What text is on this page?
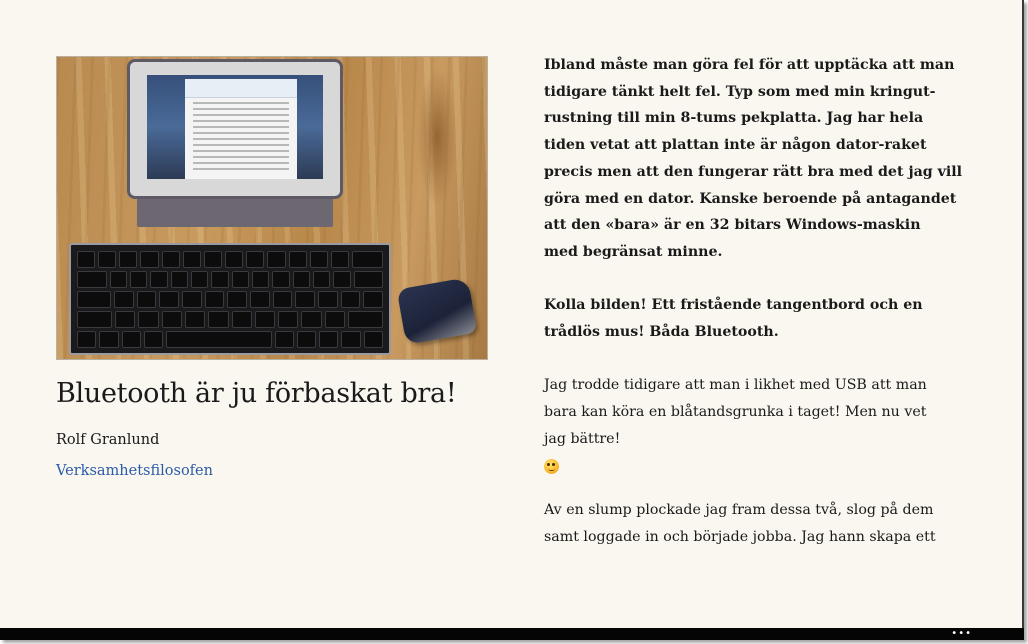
Bluetooth är ju förbaskat bra!
Rolf Granlund
Verksamhetsfilosofen

Ibland måste man göra fel för att upptäcka att man
tidigare tänkt helt fel. Typ som med min kringut-
rustning till min 8-tums pekplatta. Jag har hela
tiden vetat att plattan inte är någon dator-raket
precis men att den fungerar rätt bra med det jag vill
göra med en dator. Kanske beroende på antagandet
att den «bara» är en 32 bitars Windows-maskin
med begränsat minne.

Kolla bilden! Ett fristående tangentbord och en
trådlös mus! Båda Bluetooth.

Jag trodde tidigare att man i likhet med USB att man
bara kan köra en blåtandsgrunka i taget! Men nu vet
jag bättre!

Av en slump plockade jag fram dessa två, slog på dem
samt loggade in och började jobba. Jag hann skapa ett

•••
